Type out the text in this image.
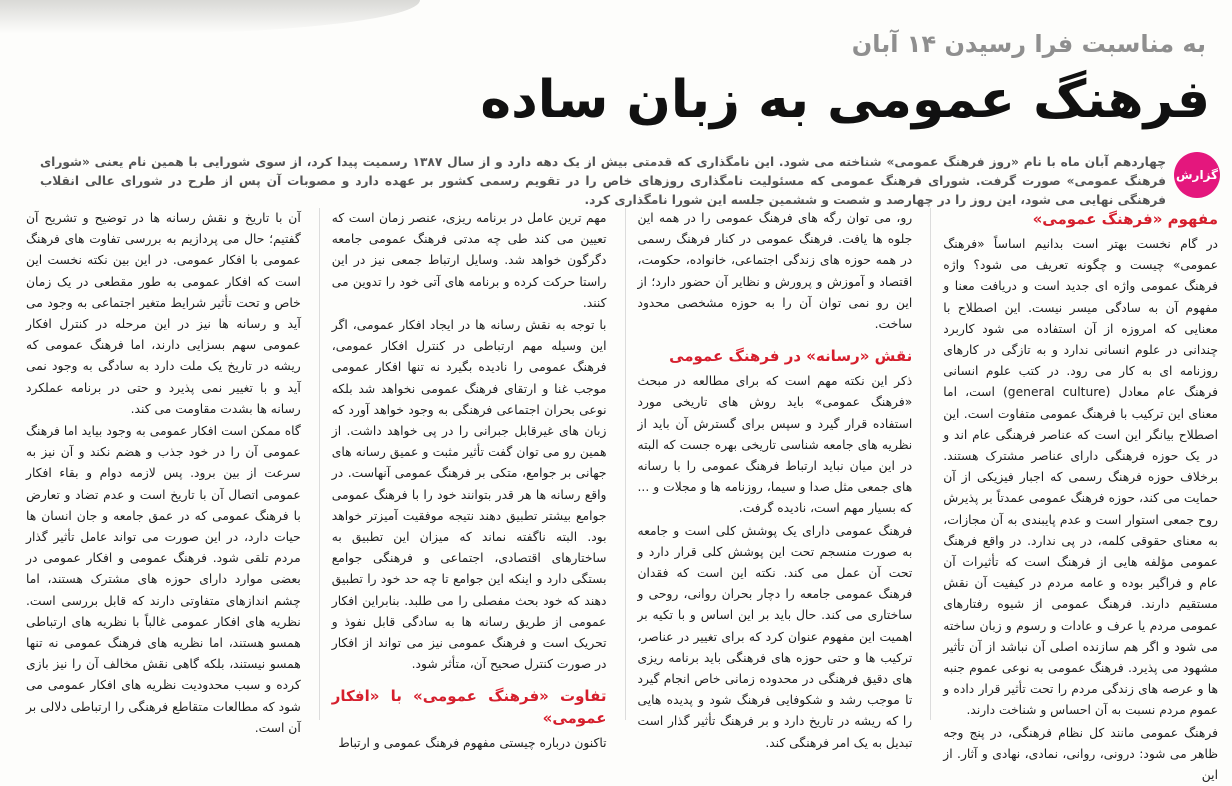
به مناسبت فرا رسیدن ۱۴ آبان
فرهنگ عمومی به زبان ساده
گزارش

چهاردهم آبان ماه با نام «روز فرهنگ عمومی» شناخته می شود. این نامگذاری که قدمتی بیش از یک دهه دارد و از سال ۱۳۸۷ رسمیت پیدا کرد، از سوی شورایی با همین نام یعنی «شورای فرهنگ عمومی» صورت گرفت. شورای فرهنگ عمومی که مسئولیت نامگذاری روزهای خاص را در تقویم رسمی کشور بر عهده دارد و مصوبات آن پس از طرح در شورای عالی انقلاب فرهنگی نهایی می شود، این روز را در چهارصد و شصت و ششمین جلسه این شورا نامگذاری کرد.

مفهوم «فرهنگ عمومی»

در گام نخست بهتر است بدانیم اساساً «فرهنگ عمومی» چیست و چگونه تعریف می شود؟ واژه فرهنگ عمومی واژه ای جدید است و دریافت معنا و مفهوم آن به سادگی میسر نیست. این اصطلاح با معنایی که امروزه از آن استفاده می شود کاربرد چندانی در علوم انسانی ندارد و به تازگی در کارهای روزنامه ای به کار می رود. در کتب علوم انسانی فرهنگ عام معادل (general culture) است، اما معنای این ترکیب با فرهنگ عمومی متفاوت است. این اصطلاح بیانگر این است که عناصر فرهنگی عام اند و در یک حوزه فرهنگی دارای عناصر مشترک هستند. برخلاف حوزه فرهنگ رسمی که اجبار فیزیکی از آن حمایت می کند، حوزه فرهنگ عمومی عمدتاً بر پذیرش روح جمعی استوار است و عدم پایبندی به آن مجازات، به معنای حقوقی کلمه، در پی ندارد. در واقع فرهنگ عمومی مؤلفه هایی از فرهنگ است که تأثیرات آن عام و فراگیر بوده و عامه مردم در کیفیت آن نقش مستقیم دارند. فرهنگ عمومی از شیوه رفتارهای عمومی مردم یا عرف و عادات و رسوم و زبان ساخته می شود و اگر هم سازنده اصلی آن نباشد از آن تأثیر مشهود می پذیرد. فرهنگ عمومی به نوعی عموم جنبه ها و عرصه های زندگی مردم را تحت تأثیر قرار داده و عموم مردم نسبت به آن احساس و شناخت دارند.

فرهنگ عمومی مانند کل نظام فرهنگی، در پنج وجه ظاهر می شود: درونی، روانی، نمادی، نهادی و آثار. از این

رو، می توان رگه های فرهنگ عمومی را در همه این جلوه ها یافت. فرهنگ عمومی در کنار فرهنگ رسمی در همه حوزه های زندگی اجتماعی، خانواده، حکومت، اقتصاد و آموزش و پرورش و نظایر آن حضور دارد؛ از این رو نمی توان آن را به حوزه مشخصی محدود ساخت.

نقش «رسانه» در فرهنگ عمومی

ذکر این نکته مهم است که برای مطالعه در مبحث «فرهنگ عمومی» باید روش های تاریخی مورد استفاده قرار گیرد و سپس برای گسترش آن باید از نظریه های جامعه شناسی تاریخی بهره جست که البته در این میان نباید ارتباط فرهنگ عمومی را با رسانه های جمعی مثل صدا و سیما، روزنامه ها و مجلات و ... که بسیار مهم است، نادیده گرفت.

فرهنگ عمومی دارای یک پوشش کلی است و جامعه به صورت منسجم تحت این پوشش کلی قرار دارد و تحت آن عمل می کند. نکته این است که فقدان فرهنگ عمومی جامعه را دچار بحران روانی، روحی و ساختاری می کند. حال باید بر این اساس و با تکیه بر اهمیت این مفهوم عنوان کرد که برای تغییر در عناصر، ترکیب ها و حتی حوزه های فرهنگی باید برنامه ریزی های دقیق فرهنگی در محدوده زمانی خاص انجام گیرد تا موجب رشد و شکوفایی فرهنگ شود و پدیده هایی را که ریشه در تاریخ دارد و بر فرهنگ تأثیر گذار است تبدیل به یک امر فرهنگی کند.

مهم ترین عامل در برنامه ریزی، عنصر زمان است که تعیین می کند طی چه مدتی فرهنگ عمومی جامعه دگرگون خواهد شد. وسایل ارتباط جمعی نیز در این راستا حرکت کرده و برنامه های آتی خود را تدوین می کنند.

با توجه به نقش رسانه ها در ایجاد افکار عمومی، اگر این وسیله مهم ارتباطی در کنترل افکار عمومی، فرهنگ عمومی را نادیده بگیرد نه تنها افکار عمومی موجب غنا و ارتقای فرهنگ عمومی نخواهد شد بلکه نوعی بحران اجتماعی فرهنگی به وجود خواهد آورد که زبان های غیرقابل جبرانی را در پی خواهد داشت. از همین رو می توان گفت تأثیر مثبت و عمیق رسانه های جهانی بر جوامع، متکی بر فرهنگ عمومی آنهاست. در واقع رسانه ها هر قدر بتوانند خود را با فرهنگ عمومی جوامع بیشتر تطبیق دهند نتیجه موفقیت آمیزتر خواهد بود. البته ناگفته نماند که میزان این تطبیق به ساختارهای اقتصادی، اجتماعی و فرهنگی جوامع بستگی دارد و اینکه این جوامع تا چه حد خود را تطبیق دهند که خود بحث مفصلی را می طلبد. بنابراین افکار عمومی از طریق رسانه ها به سادگی قابل نفوذ و تحریک است و فرهنگ عمومی نیز می تواند از افکار در صورت کنترل صحیح آن، متأثر شود.

تفاوت «فرهنگ عمومی» با «افکار عمومی»

تاکنون درباره چیستی مفهوم فرهنگ عمومی و ارتباط

آن با تاریخ و نقش رسانه ها در توضیح و تشریح آن گفتیم؛ حال می پردازیم به بررسی تفاوت های فرهنگ عمومی با افکار عمومی. در این بین نکته نخست این است که افکار عمومی به طور مقطعی در یک زمان خاص و تحت تأثیر شرایط متغیر اجتماعی به وجود می آید و رسانه ها نیز در این مرحله در کنترل افکار عمومی سهم بسزایی دارند، اما فرهنگ عمومی که ریشه در تاریخ یک ملت دارد به سادگی به وجود نمی آید و با تغییر نمی پذیرد و حتی در برنامه عملکرد رسانه ها بشدت مقاومت می کند.

گاه ممکن است افکار عمومی به وجود بیاید اما فرهنگ عمومی آن را در خود جذب و هضم نکند و آن نیز به سرعت از بین برود. پس لازمه دوام و بقاء افکار عمومی اتصال آن با تاریخ است و عدم تضاد و تعارض با فرهنگ عمومی که در عمق جامعه و جان انسان ها حیات دارد، در این صورت می تواند عامل تأثیر گذار مردم تلقی شود. فرهنگ عمومی و افکار عمومی در بعضی موارد دارای حوزه های مشترک هستند، اما چشم اندازهای متفاوتی دارند که قابل بررسی است. نظریه های افکار عمومی غالباً با نظریه های ارتباطی همسو هستند، اما نظریه های فرهنگ عمومی نه تنها همسو نیستند، بلکه گاهی نقش مخالف آن را نیز بازی کرده و سبب محدودیت نظریه های افکار عمومی می شود که مطالعات متقاطع فرهنگی را ارتباطی دلالی بر آن است.
